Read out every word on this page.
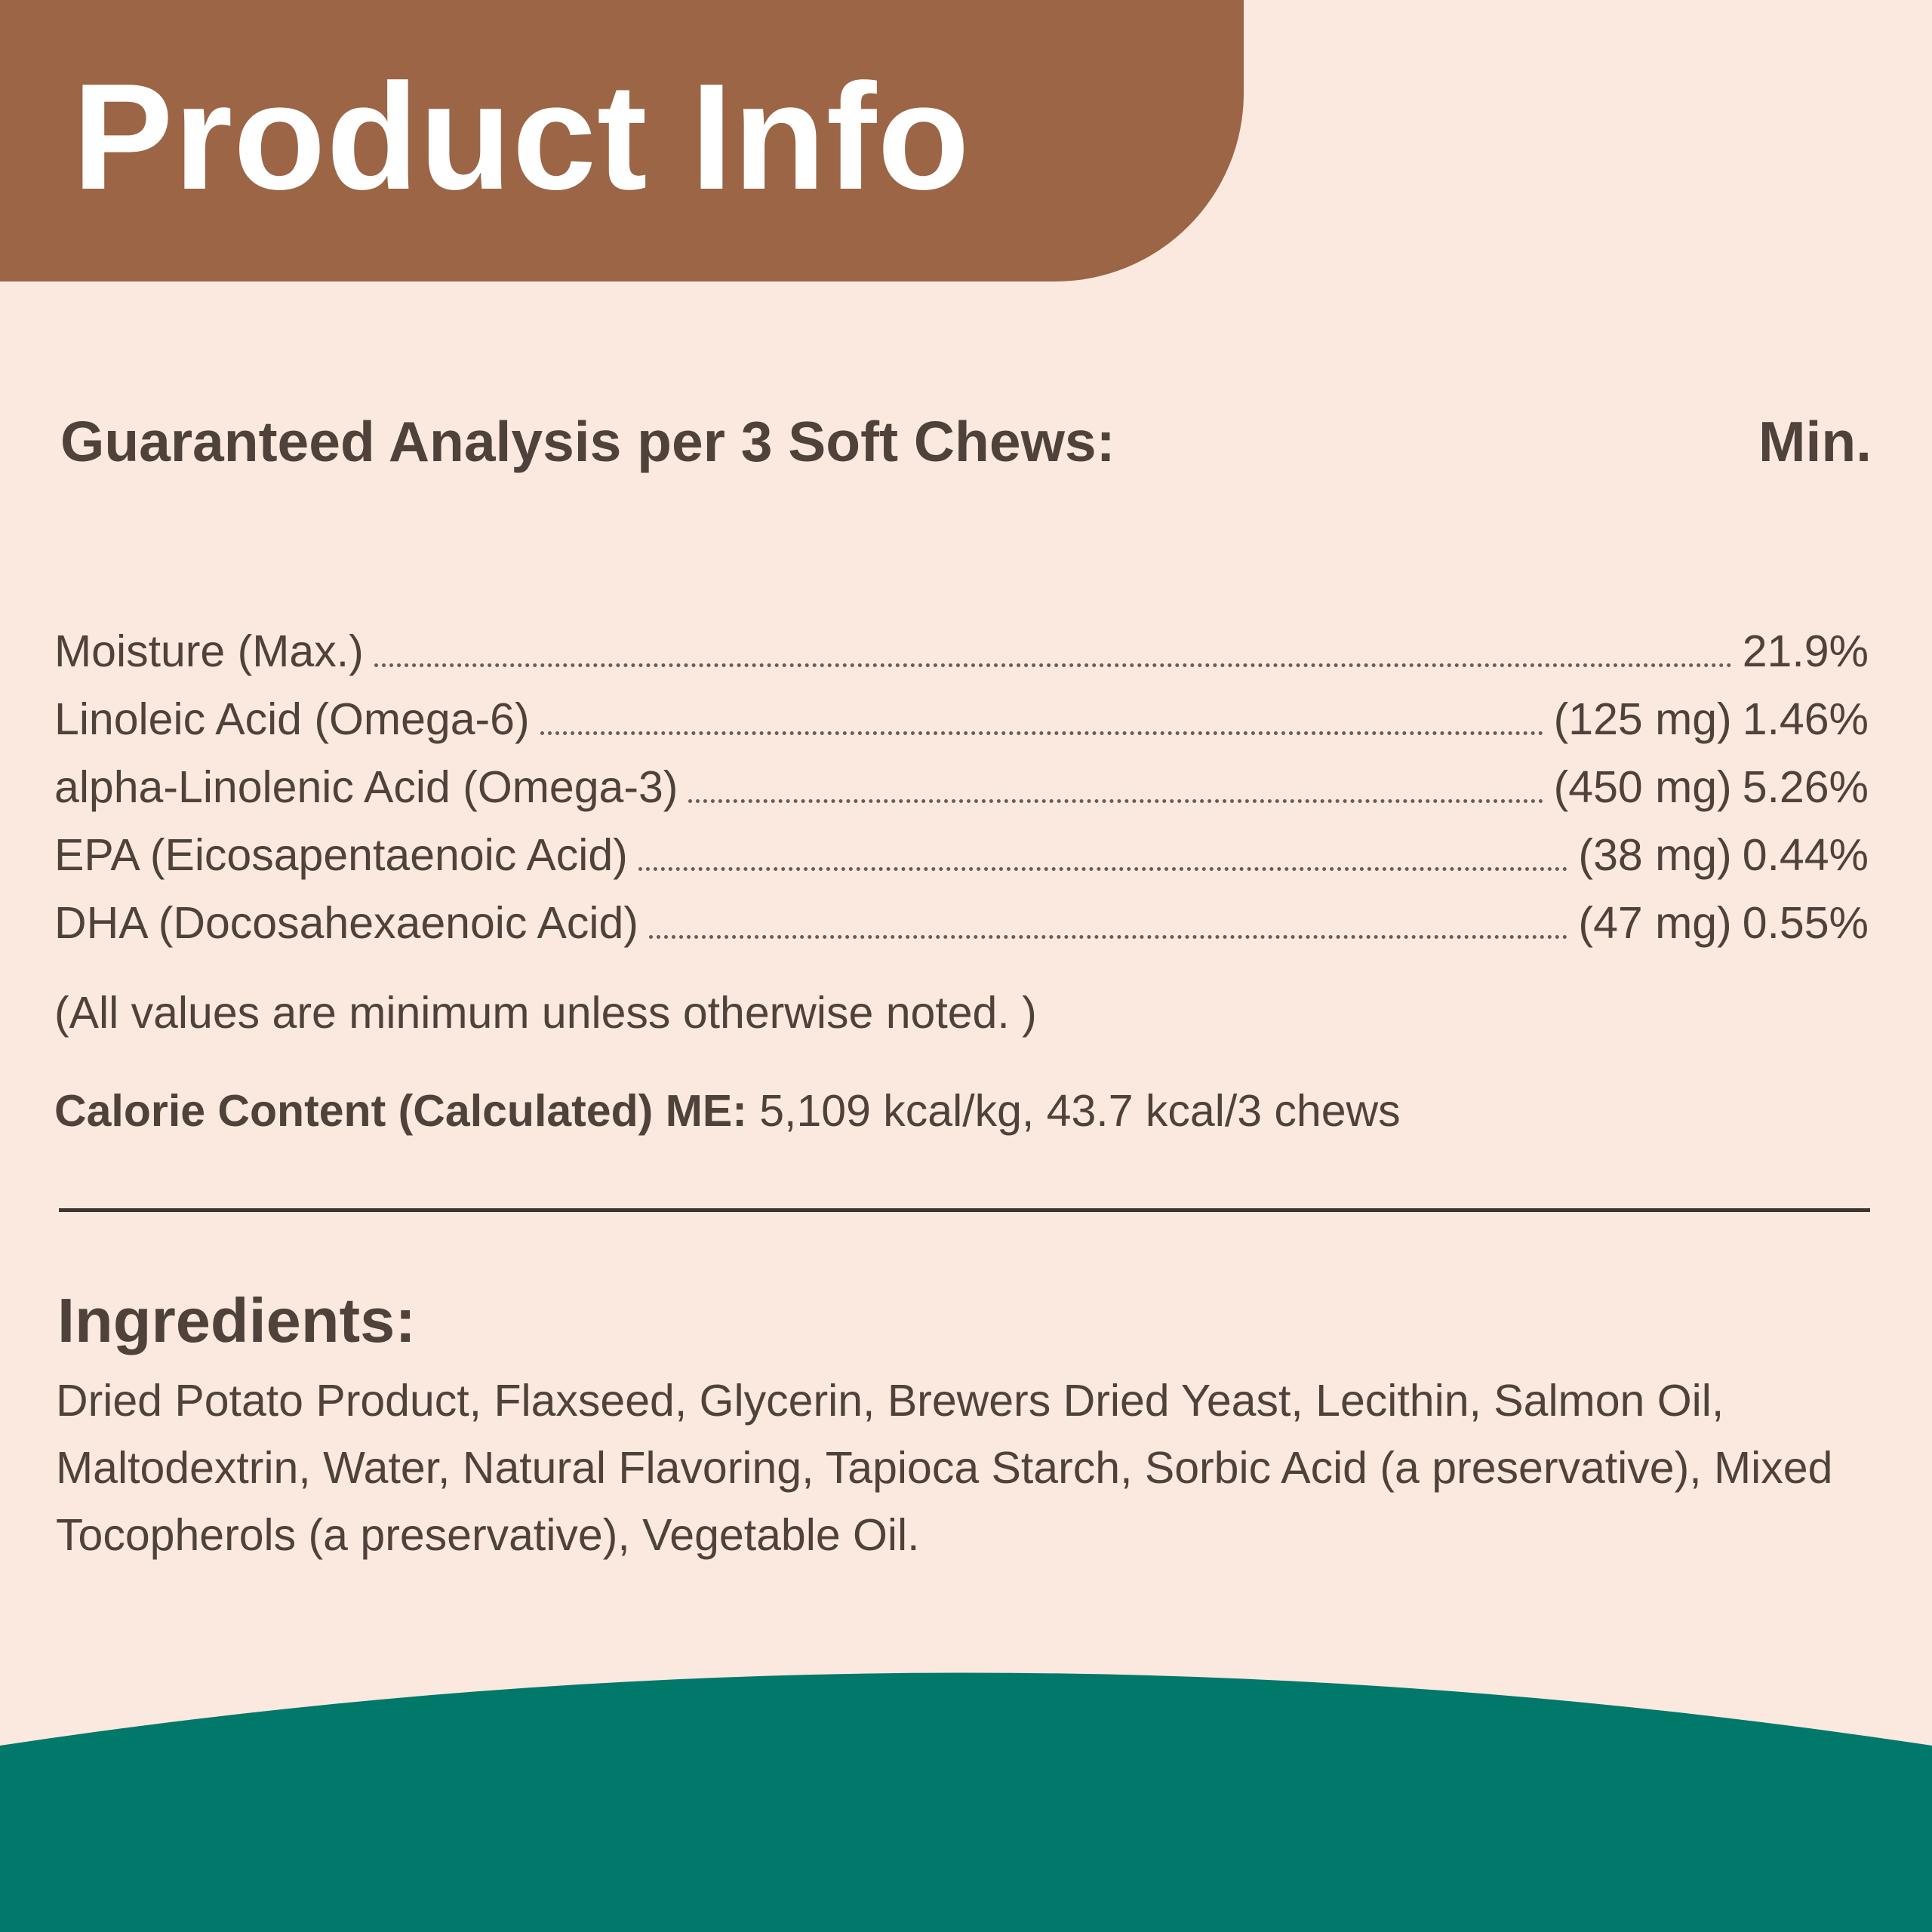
Product Info
Guaranteed Analysis per 3 Soft Chews:	Min.
Moisture (Max.)	21.9%
Linoleic Acid (Omega-6)	(125 mg) 1.46%
alpha-Linolenic Acid (Omega-3)	(450 mg) 5.26%
EPA (Eicosapentaenoic Acid)	(38 mg) 0.44%
DHA (Docosahexaenoic Acid)	(47 mg) 0.55%
(All values are minimum unless otherwise noted. )
Calorie Content (Calculated) ME: 5,109 kcal/kg, 43.7 kcal/3 chews
Ingredients:
Dried Potato Product, Flaxseed, Glycerin, Brewers Dried Yeast, Lecithin, Salmon Oil, Maltodextrin, Water, Natural Flavoring, Tapioca Starch, Sorbic Acid (a preservative), Mixed Tocopherols (a preservative), Vegetable Oil.
